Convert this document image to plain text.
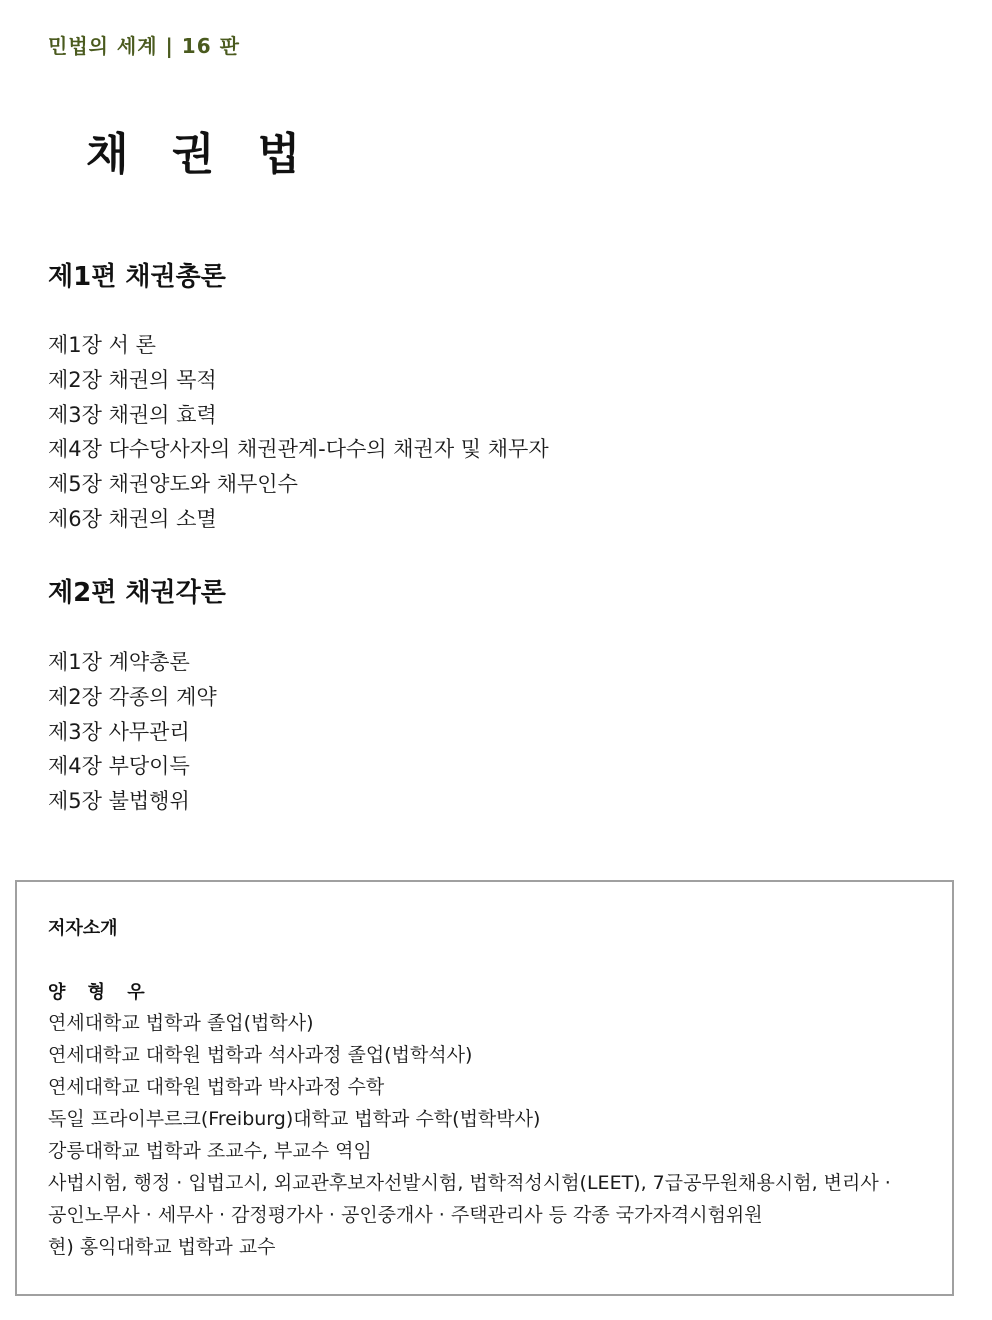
민법의 세계 | 16 판
채 권 법
제1편 채권총론
제1장 서 론
제2장 채권의 목적
제3장 채권의 효력
제4장 다수당사자의 채권관계-다수의 채권자 및 채무자
제5장 채권양도와 채무인수
제6장 채권의 소멸
제2편 채권각론
제1장 계약총론
제2장 각종의 계약
제3장 사무관리
제4장 부당이득
제5장 불법행위
저자소개
양 형 우
연세대학교 법학과 졸업(법학사)
연세대학교 대학원 법학과 석사과정 졸업(법학석사)
연세대학교 대학원 법학과 박사과정 수학
독일 프라이부르크(Freiburg)대학교 법학과 수학(법학박사)
강릉대학교 법학과 조교수, 부교수 역임
사법시험, 행정 · 입법고시, 외교관후보자선발시험, 법학적성시험(LEET), 7급공무원채용시험, 변리사 ·
공인노무사 · 세무사 · 감정평가사 · 공인중개사 · 주택관리사 등 각종 국가자격시험위원
현) 홍익대학교 법학과 교수
